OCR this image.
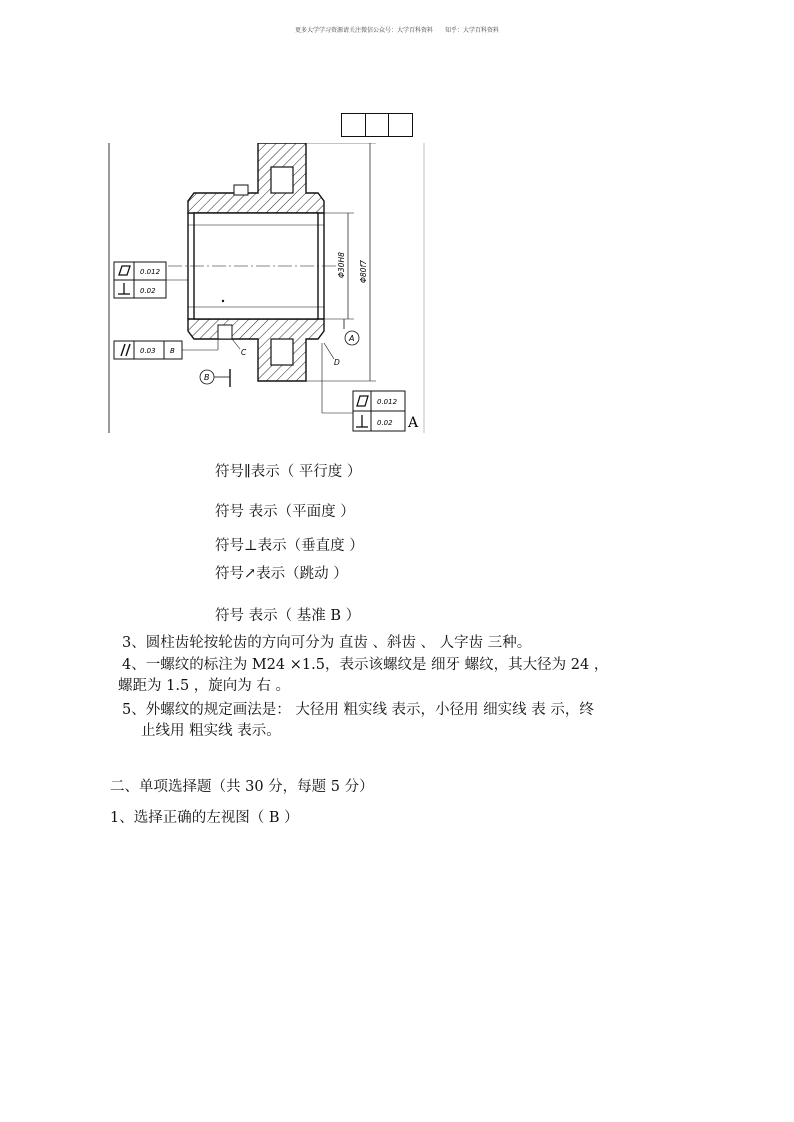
更多大学学习资源请关注微信公众号：大学百科资料　　知乎：大学百科资料
Φ30H8 Φ80f7
A
D
C
0.012
0.02
0.03 B
B
0.012
0.02 A
符号∥表示（ 平行度 ）
符号 表示（平面度 ）
符号⊥表示（垂直度 ）
符号↗表示（跳动 ）
符号 表示（ 基准 B ）
3、圆柱齿轮按轮齿的方向可分为 直齿 、斜齿 、 人字齿 三种。
4、一螺纹的标注为 M24 ×1.5，表示该螺纹是 细牙 螺纹，其大径为 24 ，
螺距为 1.5 ，旋向为 右 。
5、外螺纹的规定画法是： 大径用 粗实线 表示，小径用 细实线 表 示，终
止线用 粗实线 表示。
二、单项选择题（共 30 分，每题 5 分）
1、选择正确的左视图（ B ）
